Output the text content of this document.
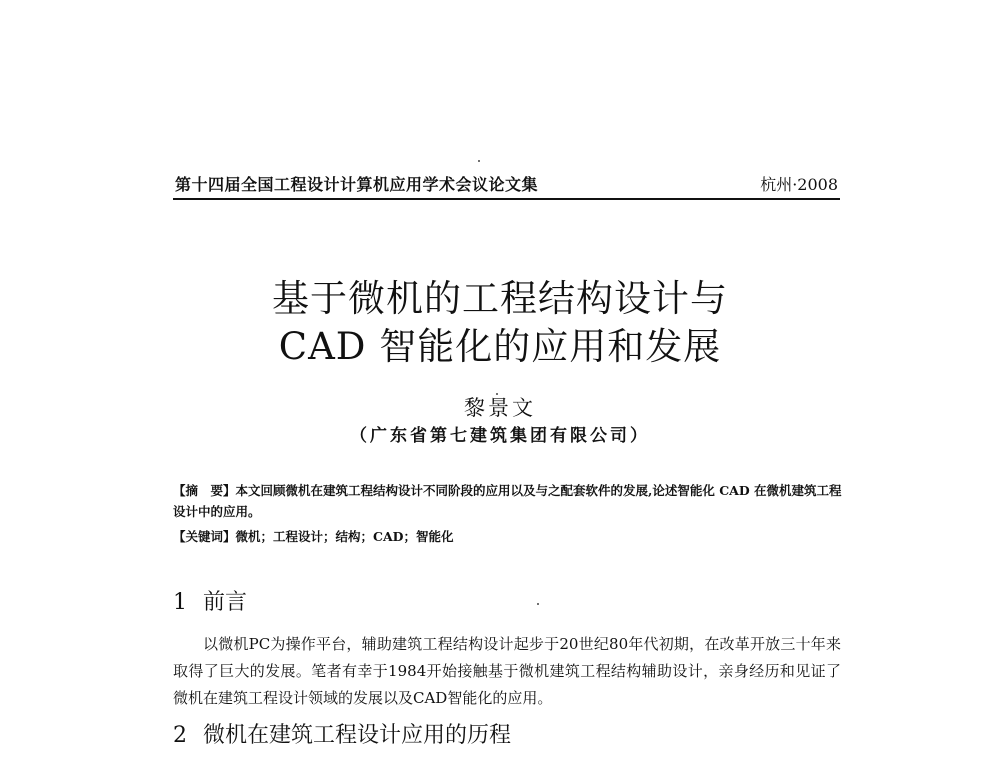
第十四届全国工程设计计算机应用学术会议论文集	杭州·2008
基于微机的工程结构设计与
CAD 智能化的应用和发展
黎景文
（广东省第七建筑集团有限公司）
【摘　要】本文回顾微机在建筑工程结构设计不同阶段的应用以及与之配套软件的发展,论述智能化 CAD 在微机建筑工程设计中的应用。
【关键词】微机；工程设计；结构；CAD；智能化
1 前言
以微机PC为操作平台，辅助建筑工程结构设计起步于20世纪80年代初期，在改革开放三十年来取得了巨大的发展。笔者有幸于1984开始接触基于微机建筑工程结构辅助设计，亲身经历和见证了微机在建筑工程设计领域的发展以及CAD智能化的应用。
2 微机在建筑工程设计应用的历程
